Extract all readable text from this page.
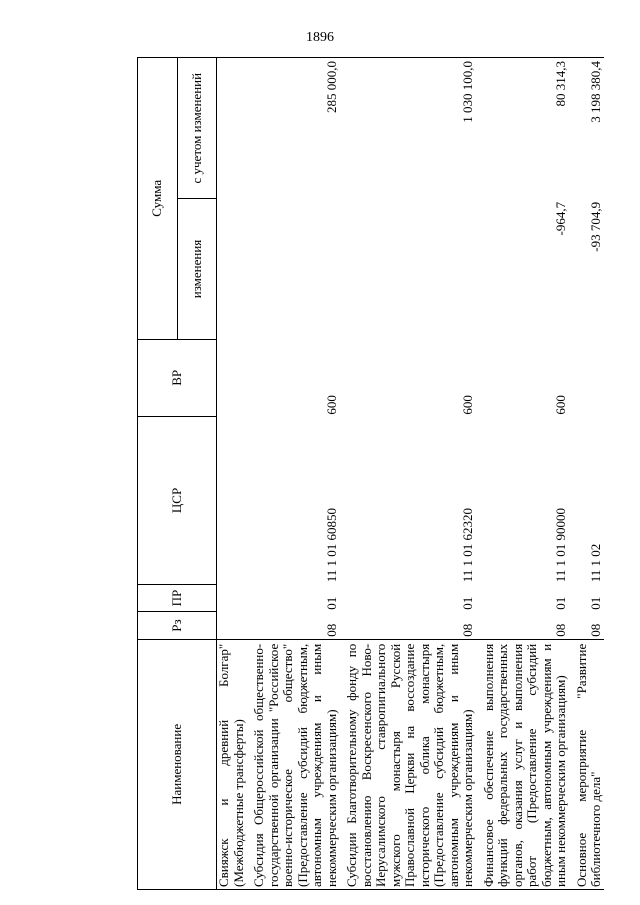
1896
Наименование	Рз	ПР	ЦСР	ВР	Сумма	
					изменения	с учетом изменений
Свияжск и древний Болгар" (Межбюджетные трансферты)						
Субсидия Общероссийской общественно-государственной организации "Российское военно-историческое общество" (Предоставление субсидий бюджетным, автономным учреждениям и иным некоммерческим организациям)	08	01	11 1 01 60850	600		285 000,0
Субсидии Благотворительному фонду по восстановлению Воскресенского Ново-Иерусалимского ставропигиального мужского монастыря Русской Православной Церкви на воссоздание исторического облика монастыря (Предоставление субсидий бюджетным, автономным учреждениям и иным некоммерческим организациям)	08	01	11 1 01 62320	600		1 030 100,0
Финансовое обеспечение выполнения функций федеральных государственных органов, оказания услуг и выполнения работ (Предоставление субсидий бюджетным, автономным учреждениям и иным некоммерческим организациям)	08	01	11 1 01 90000	600	-964,7	80 314,3
Основное мероприятие "Развитие библиотечного дела"	08	01	11 1 02		-93 704,9	3 198 380,4
